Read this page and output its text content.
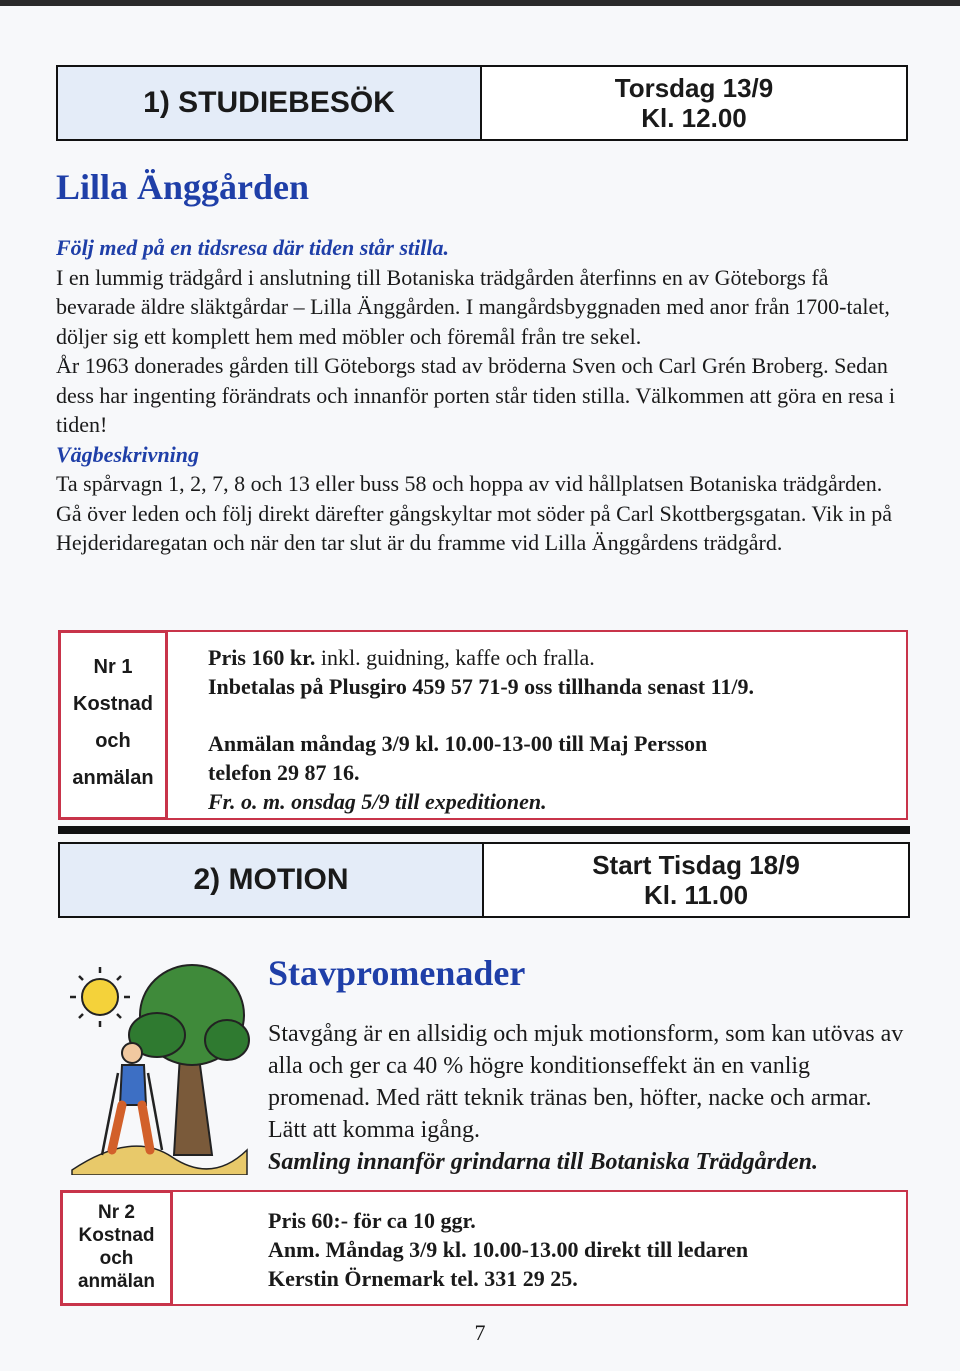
1) STUDIEBESÖK	Torsdag 13/9
Kl. 12.00
Lilla Änggården

Följ med på en tidsresa där tiden står stilla.

I en lummig trädgård i anslutning till Botaniska trädgården återfinns en av Göteborgs få bevarade äldre släktgårdar – Lilla Änggården. I mangårdsbyggnaden med anor från 1700-talet, döljer sig ett komplett hem med möbler och föremål från tre sekel.

År 1963 donerades gården till Göteborgs stad av bröderna Sven och Carl Grén Broberg. Sedan dess har ingenting förändrats och innanför porten står tiden stilla. Välkommen att göra en resa i tiden!

Vägbeskrivning

Ta spårvagn 1, 2, 7, 8 och 13 eller buss 58 och hoppa av vid hållplatsen Botaniska trädgården. Gå över leden och följ direkt därefter gångskyltar mot söder på Carl Skottbergsgatan. Vik in på Hejderidaregatan och när den tar slut är du framme vid Lilla Änggårdens trädgård.

Nr 1
Kostnad
och
anmälan
Pris 160 kr. inkl. guidning, kaffe och fralla.
Inbetalas på Plusgiro 459 57 71-9 oss tillhanda senast 11/9.
Anmälan måndag 3/9 kl. 10.00-13-00 till Maj Persson
telefon 29 87 16.
Fr. o. m. onsdag 5/9 till expeditionen.
2) MOTION	Start Tisdag 18/9
Kl. 11.00
Stavpromenader

Stavgång är en allsidig och mjuk motionsform, som kan utövas av alla och ger ca 40 % högre konditionseffekt än en vanlig promenad. Med rätt teknik tränas ben, höfter, nacke och armar. Lätt att komma igång.

Samling innanför grindarna till Botaniska Trädgården.

Nr 2
Kostnad
och
anmälan
Pris 60:- för ca 10 ggr.
Anm. Måndag 3/9 kl. 10.00-13.00 direkt till ledaren
Kerstin Örnemark tel. 331 29 25.
7
